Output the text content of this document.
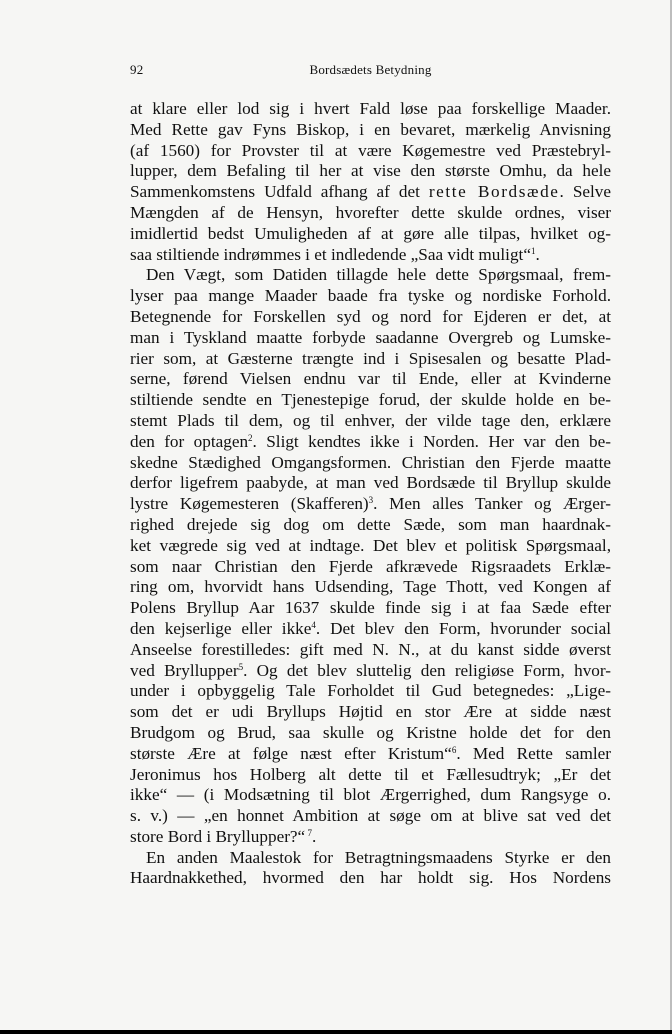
92	Bordsædets Betydning
at klare eller lod sig i hvert Fald løse paa forskellige Maader.
Med Rette gav Fyns Biskop, i en bevaret, mærkelig Anvisning
(af 1560) for Provster til at være Køgemestre ved Præstebryl-
lupper, dem Befaling til her at vise den største Omhu, da hele
Sammenkomstens Udfald afhang af det rette Bordsæde. Selve
Mængden af de Hensyn, hvorefter dette skulde ordnes, viser
imidlertid bedst Umuligheden af at gøre alle tilpas, hvilket og-
saa stiltiende indrømmes i et indledende „Saa vidt muligt“$^1$.
Den Vægt, som Datiden tillagde hele dette Spørgsmaal, frem-
lyser paa mange Maader baade fra tyske og nordiske Forhold.
Betegnende for Forskellen syd og nord for Ejderen er det, at
man i Tyskland maatte forbyde saadanne Overgreb og Lumske-
rier som, at Gæsterne trængte ind i Spisesalen og besatte Plad-
serne, førend Vielsen endnu var til Ende, eller at Kvinderne
stiltiende sendte en Tjenestepige forud, der skulde holde en be-
stemt Plads til dem, og til enhver, der vilde tage den, erklære
den for optagen$^2$. Sligt kendtes ikke i Norden. Her var den be-
skedne Stædighed Omgangsformen. Christian den Fjerde maatte
derfor ligefrem paabyde, at man ved Bordsæde til Bryllup skulde
lystre Køgemesteren (Skafferen)$^3$. Men alles Tanker og Ærger-
righed drejede sig dog om dette Sæde, som man haardnak-
ket vægrede sig ved at indtage. Det blev et politisk Spørgsmaal,
som naar Christian den Fjerde afkrævede Rigsraadets Erklæ-
ring om, hvorvidt hans Udsending, Tage Thott, ved Kongen af
Polens Bryllup Aar 1637 skulde finde sig i at faa Sæde efter
den kejserlige eller ikke$^4$. Det blev den Form, hvorunder social
Anseelse forestilledes: gift med N. N., at du kanst sidde øverst
ved Bryllupper$^5$. Og det blev sluttelig den religiøse Form, hvor-
under i opbyggelig Tale Forholdet til Gud betegnedes: „Lige-
som det er udi Bryllups Højtid en stor Ære at sidde næst
Brudgom og Brud, saa skulle og Kristne holde det for den
største Ære at følge næst efter Kristum“$^6$. Med Rette samler
Jeronimus hos Holberg alt dette til et Fællesudtryk; „Er det
ikke“ — (i Modsætning til blot Ærgerrighed, dum Rangsyge o.
s. v.) — „en honnet Ambition at søge om at blive sat ved det
store Bord i Bryllupper?“ $^7$.
En anden Maalestok for Betragtningsmaadens Styrke er den
Haardnakkethed, hvormed den har holdt sig. Hos Nordens
